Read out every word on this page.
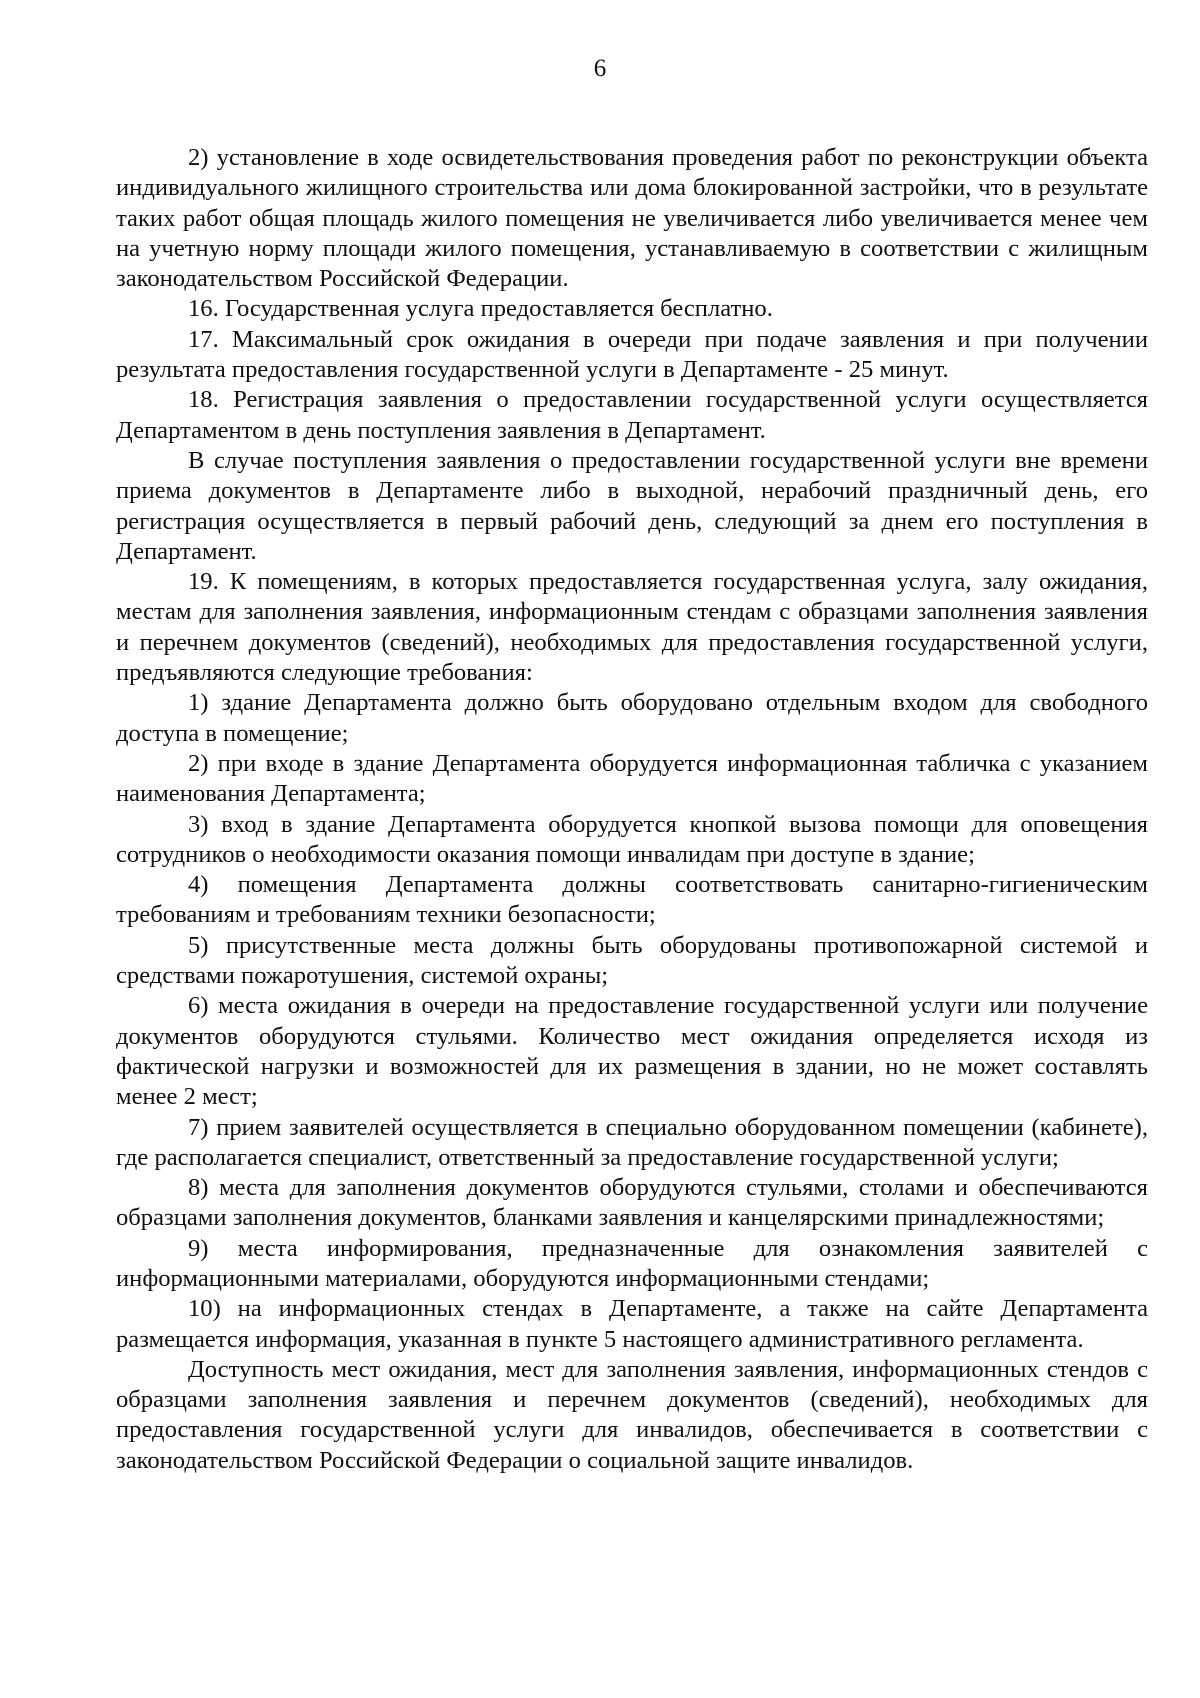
6

2) установление в ходе освидетельствования проведения работ по реконструкции объекта индивидуального жилищного строительства или дома блокированной застройки, что в результате таких работ общая площадь жилого помещения не увеличивается либо увеличивается менее чем на учетную норму площади жилого помещения, устанавливаемую в соответствии с жилищным законодательством Российской Федерации.

16. Государственная услуга предоставляется бесплатно.

17. Максимальный срок ожидания в очереди при подаче заявления и при получении результата предоставления государственной услуги в Департаменте - 25 минут.

18. Регистрация заявления о предоставлении государственной услуги осуществляется Департаментом в день поступления заявления в Департамент.

В случае поступления заявления о предоставлении государственной услуги вне времени приема документов в Департаменте либо в выходной, нерабочий праздничный день, его регистрация осуществляется в первый рабочий день, следующий за днем его поступления в Департамент.

19. К помещениям, в которых предоставляется государственная услуга, залу ожидания, местам для заполнения заявления, информационным стендам с образцами заполнения заявления и перечнем документов (сведений), необходимых для предоставления государственной услуги, предъявляются следующие требования:

1) здание Департамента должно быть оборудовано отдельным входом для свободного доступа в помещение;

2) при входе в здание Департамента оборудуется информационная табличка с указанием наименования Департамента;

3) вход в здание Департамента оборудуется кнопкой вызова помощи для оповещения сотрудников о необходимости оказания помощи инвалидам при доступе в здание;

4) помещения Департамента должны соответствовать санитарно-гигиеническим требованиям и требованиям техники безопасности;

5) присутственные места должны быть оборудованы противопожарной системой и средствами пожаротушения, системой охраны;

6) места ожидания в очереди на предоставление государственной услуги или получение документов оборудуются стульями. Количество мест ожидания определяется исходя из фактической нагрузки и возможностей для их размещения в здании, но не может составлять менее 2 мест;

7) прием заявителей осуществляется в специально оборудованном помещении (кабинете), где располагается специалист, ответственный за предоставление государственной услуги;

8) места для заполнения документов оборудуются стульями, столами и обеспечиваются образцами заполнения документов, бланками заявления и канцелярскими принадлежностями;

9) места информирования, предназначенные для ознакомления заявителей с информационными материалами, оборудуются информационными стендами;

10) на информационных стендах в Департаменте, а также на сайте Департамента размещается информация, указанная в пункте 5 настоящего административного регламента.

Доступность мест ожидания, мест для заполнения заявления, информационных стендов с образцами заполнения заявления и перечнем документов (сведений), необходимых для предоставления государственной услуги для инвалидов, обеспечивается в соответствии с законодательством Российской Федерации о социальной защите инвалидов.
